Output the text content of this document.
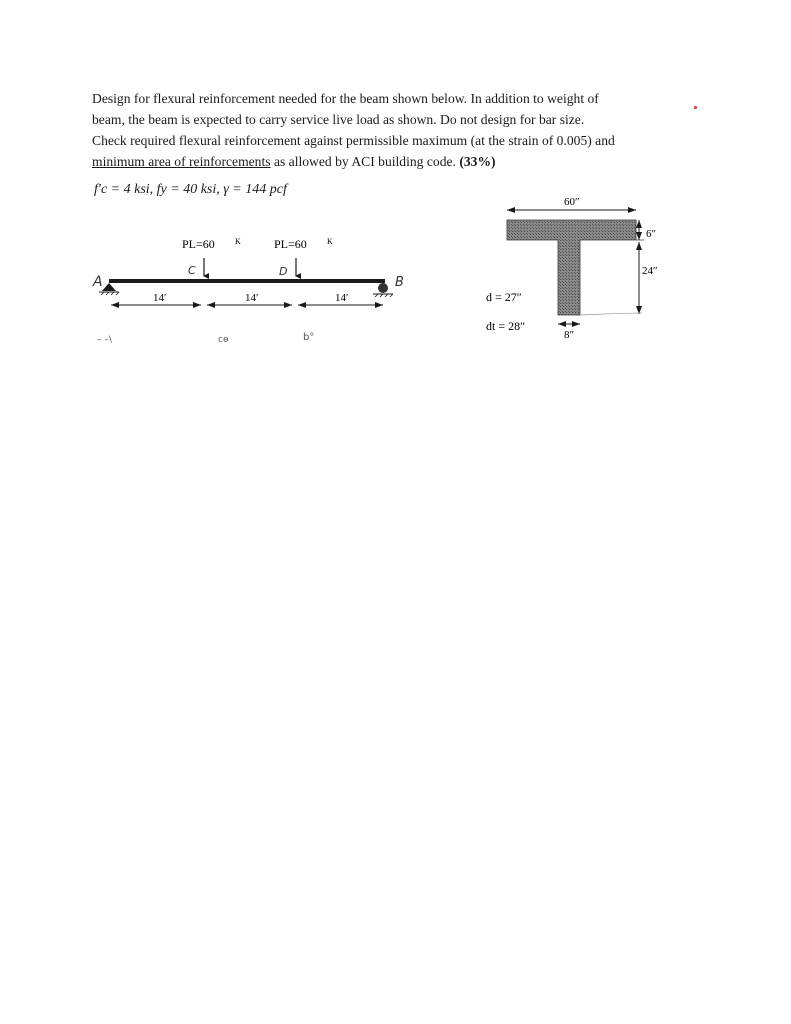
Design for flexural reinforcement needed for the beam shown below. In addition to weight of
beam, the beam is expected to carry service live load as shown. Do not design for bar size.
Check required flexural reinforcement against permissible maximum (at the strain of 0.005) and
minimum area of reinforcements as allowed by ACI building code. (33%)
f′c = 4 ksi, fy = 40 ksi, γ = 144 pcf
PL=60	K	PL=60	K
A	B
C	D
14′	14′	14′
– –\	сɵ	b°
60″
6″
24″
d = 27″
dt = 28″
8″
